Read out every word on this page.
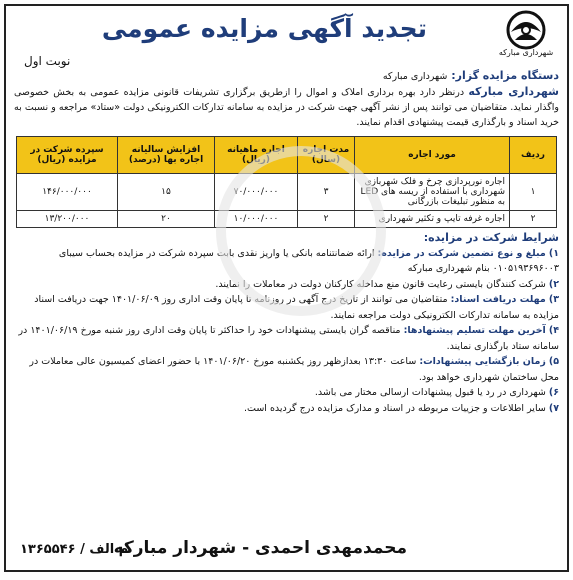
شهرداری مبارکه
تجدید آگهی مزایده عمومی
نوبت اول
دستگاه مزایده گزار: شهرداری مبارکه
شهرداری مبارکه درنظر دارد بهره برداری املاک و اموال را ازطریق برگزاری تشریفات قانونی مزایده عمومی به بخش خصوصی واگذار نماید. متقاضیان می توانند پس از نشر آگهی جهت شرکت در مزایده به سامانه تدارکات الکترونیکی دولت «ستاد» مراجعه و نسبت به خرید اسناد و بارگذاری قیمت پیشنهادی اقدام نمایند.
ردیف	مورد اجاره	مدت اجاره (سال)	اجاره ماهیانه (ریال)	افزایش سالیانه اجاره بها (درصد)	سپرده شرکت در مزایده (ریال)
۱	اجاره نورپردازی چرخ و فلک شهربازی شهرداری با استفاده از ریسه های LED به منظور تبلیغات بازرگانی	۳	۷۰/۰۰۰/۰۰۰	۱۵	۱۴۶/۰۰۰/۰۰۰
۲	اجاره غرفه تایپ و تکثیر شهرداری	۲	۱۰/۰۰۰/۰۰۰	۲۰	۱۳/۲۰۰/۰۰۰
شرایط شرکت در مزایده:
۱) مبلغ و نوع تضمین شرکت در مزایده: ارائه ضمانتنامه بانکی یا واریز نقدی بابت سپرده شرکت در مزایده بحساب سیبای ۰۱۰۵۱۹۳۶۹۶۰۰۳ بنام شهرداری مبارکه
۲) شرکت کنندگان بایستی رعایت قانون منع مداخله کارکنان دولت در معاملات را نمایند.
۳) مهلت دریافت اسناد: متقاضیان می توانند از تاریخ درج آگهی در روزنامه تا پایان وقت اداری روز ۱۴۰۱/۰۶/۰۹ جهت دریافت اسناد مزایده به سامانه تدارکات الکترونیکی دولت مراجعه نمایند.
۴) آخرین مهلت تسلیم پیشنهادها: مناقصه گران بایستی پیشنهادات خود را حداکثر تا پایان وقت اداری روز شنبه مورخ ۱۴۰۱/۰۶/۱۹ در سامانه ستاد بارگذاری نمایند.
۵) زمان بازگشایی پیشنهادات: ساعت ۱۳:۳۰ بعدازظهر روز یکشنبه مورخ ۱۴۰۱/۰۶/۲۰ با حضور اعضای کمیسیون عالی معاملات در محل ساختمان شهرداری خواهد بود.
۶) شهرداری در رد یا قبول پیشنهادات ارسالی مختار می باشد.
۷) سایر اطلاعات و جزییات مربوطه در اسناد و مدارک مزایده درج گردیده است.
محمدمهدی احمدی - شهردار مبارکه
م الف / ۱۳۶۵۵۴۶
